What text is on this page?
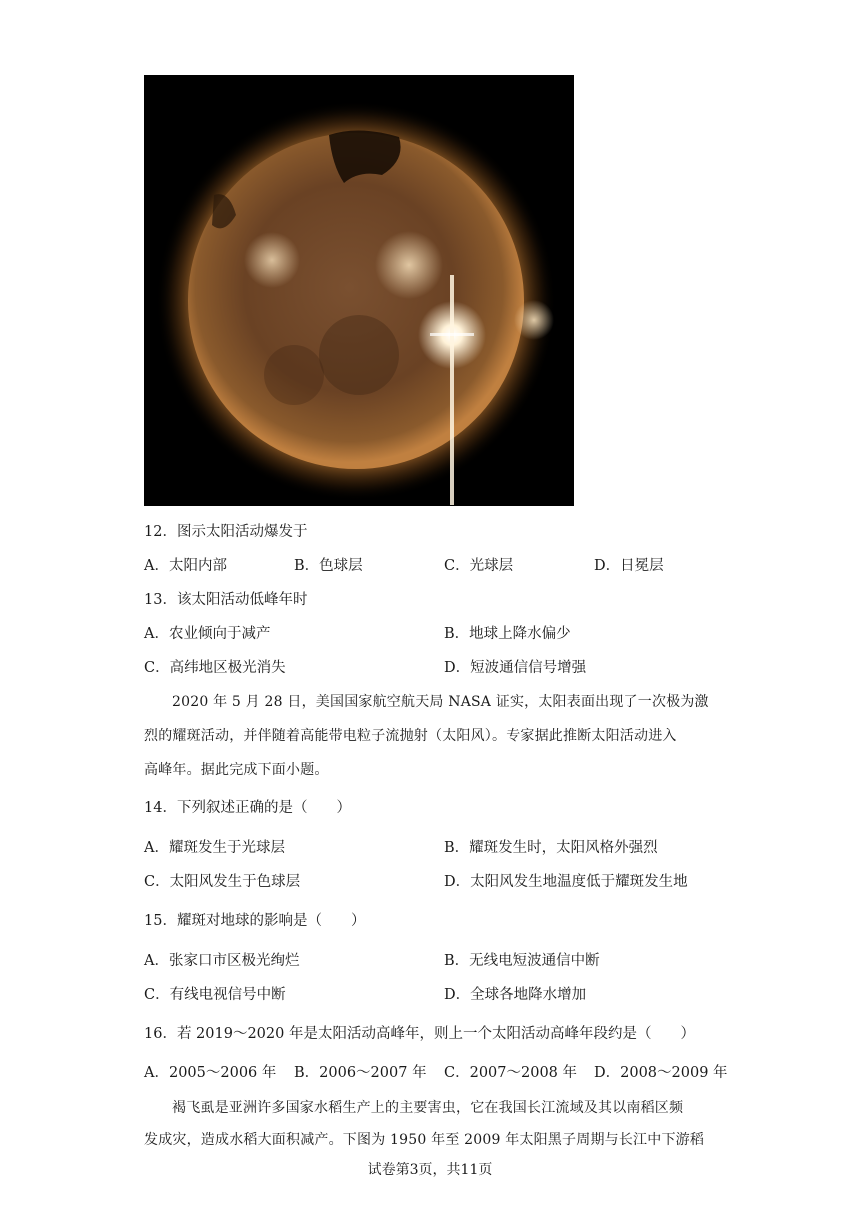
12．图示太阳活动爆发于
A．太阳内部	B．色球层	C．光球层	D．日冕层
13．该太阳活动低峰年时
A．农业倾向于减产	B．地球上降水偏少
C．高纬地区极光消失	D．短波通信信号增强
2020 年 5 月 28 日，美国国家航空航天局 NASA 证实，太阳表面出现了一次极为激
烈的耀斑活动，并伴随着高能带电粒子流抛射（太阳风）。专家据此推断太阳活动进入
高峰年。据此完成下面小题。
14．下列叙述正确的是（　　）
A．耀斑发生于光球层	B．耀斑发生时，太阳风格外强烈
C．太阳风发生于色球层	D．太阳风发生地温度低于耀斑发生地
15．耀斑对地球的影响是（　　）
A．张家口市区极光绚烂	B．无线电短波通信中断
C．有线电视信号中断	D．全球各地降水增加
16．若 2019～2020 年是太阳活动高峰年，则上一个太阳活动高峰年段约是（　　）
A．2005～2006 年 B．2006～2007 年 C．2007～2008 年 D．2008～2009 年
褐飞虱是亚洲许多国家水稻生产上的主要害虫，它在我国长江流域及其以南稻区频
发成灾，造成水稻大面积减产。下图为 1950 年至 2009 年太阳黑子周期与长江中下游稻
试卷第3页，共11页
